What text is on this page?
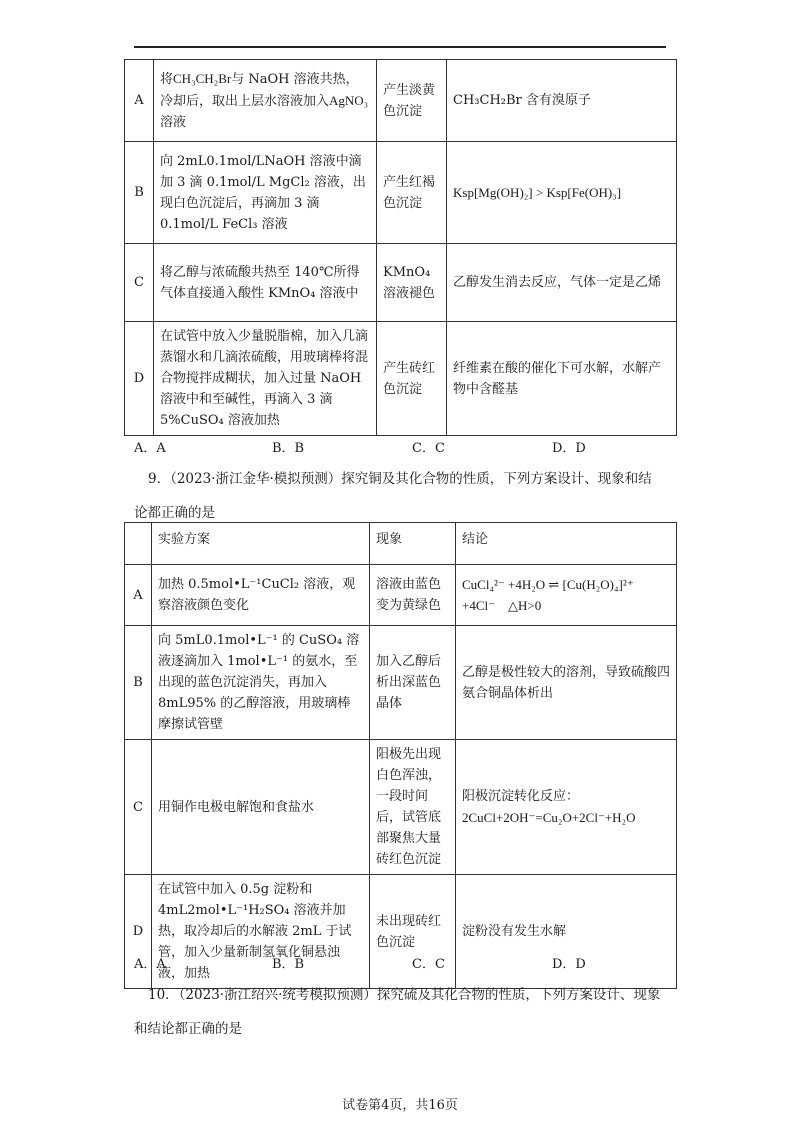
A	将CH₃CH₂Br与 NaOH 溶液共热，冷却后，取出上层水溶液加入AgNO₃溶液	产生淡黄色沉淀	CH₃CH₂Br 含有溴原子
B	向 2mL0.1mol/LNaOH 溶液中滴加 3 滴 0.1mol/L MgCl₂ 溶液，出现白色沉淀后，再滴加 3 滴 0.1mol/L FeCl₃ 溶液	产生红褐色沉淀	Ksp[Mg(OH)₂] > Ksp[Fe(OH)₃]
C	将乙醇与浓硫酸共热至 140℃所得气体直接通入酸性 KMnO₄ 溶液中	KMnO₄ 溶液褪色	乙醇发生消去反应，气体一定是乙烯
D	在试管中放入少量脱脂棉，加入几滴蒸馏水和几滴浓硫酸，用玻璃棒将混合物搅拌成糊状，加入过量 NaOH 溶液中和至碱性，再滴入 3 滴 5%CuSO₄ 溶液加热	产生砖红色沉淀	纤维素在酸的催化下可水解，水解产物中含醛基
A．A	B．B	C．C	D．D
9．（2023·浙江金华·模拟预测）探究铜及其化合物的性质，下列方案设计、现象和结
论都正确的是
	实验方案	现象	结论
A	加热 0.5mol•L⁻¹CuCl₂ 溶液，观察溶液颜色变化	溶液由蓝色变为黄绿色	CuCl₄²⁻ +4H₂O ⇌ [Cu(H₂O)₄]²⁺
+4Cl⁻　△H>0

B	向 5mL0.1mol•L⁻¹ 的 CuSO₄ 溶液逐滴加入 1mol•L⁻¹ 的氨水，至出现的蓝色沉淀消失，再加入 8mL95% 的乙醇溶液，用玻璃棒摩擦试管壁	加入乙醇后析出深蓝色晶体	乙醇是极性较大的溶剂，导致硫酸四氨合铜晶体析出
C	用铜作电极电解饱和食盐水	阳极先出现白色浑浊，一段时间后，试管底部聚焦大量砖红色沉淀	阳极沉淀转化反应：
2CuCl+2OH⁻=Cu₂O+2Cl⁻+H₂O

D	在试管中加入 0.5g 淀粉和 4mL2mol•L⁻¹H₂SO₄ 溶液并加热，取冷却后的水解液 2mL 于试管，加入少量新制氢氧化铜悬浊液，加热	未出现砖红色沉淀	淀粉没有发生水解
A．A	B．B	C．C	D．D
10．（2023·浙江绍兴·统考模拟预测）探究硫及其化合物的性质，下列方案设计、现象
和结论都正确的是
试卷第4页，共16页
